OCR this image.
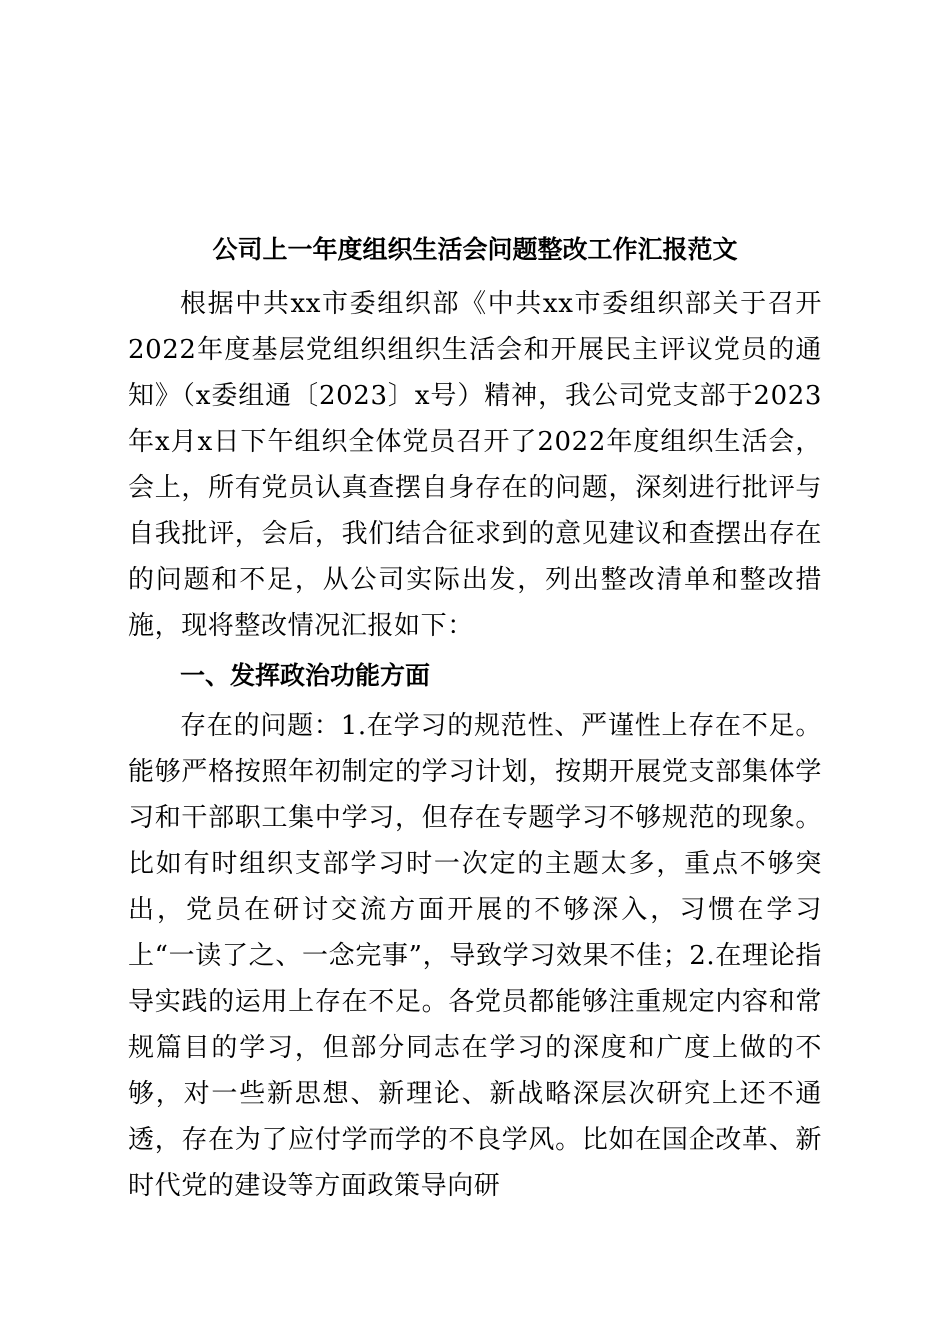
公司上一年度组织生活会问题整改工作汇报范文

根据中共xx市委组织部《中共xx市委组织部关于召开2022年度基层党组织组织生活会和开展民主评议党员的通知》（x委组通〔2023〕x号）精神，我公司党支部于2023年x月x日下午组织全体党员召开了2022年度组织生活会，会上，所有党员认真查摆自身存在的问题，深刻进行批评与自我批评，会后，我们结合征求到的意见建议和查摆出存在的问题和不足，从公司实际出发，列出整改清单和整改措施，现将整改情况汇报如下：

一、发挥政治功能方面

存在的问题：1.在学习的规范性、严谨性上存在不足。能够严格按照年初制定的学习计划，按期开展党支部集体学习和干部职工集中学习，但存在专题学习不够规范的现象。比如有时组织支部学习时一次定的主题太多，重点不够突出，党员在研讨交流方面开展的不够深入，习惯在学习上“一读了之、一念完事”，导致学习效果不佳；2.在理论指导实践的运用上存在不足。各党员都能够注重规定内容和常规篇目的学习，但部分同志在学习的深度和广度上做的不够，对一些新思想、新理论、新战略深层次研究上还不通透，存在为了应付学而学的不良学风。比如在国企改革、新时代党的建设等方面政策导向研
